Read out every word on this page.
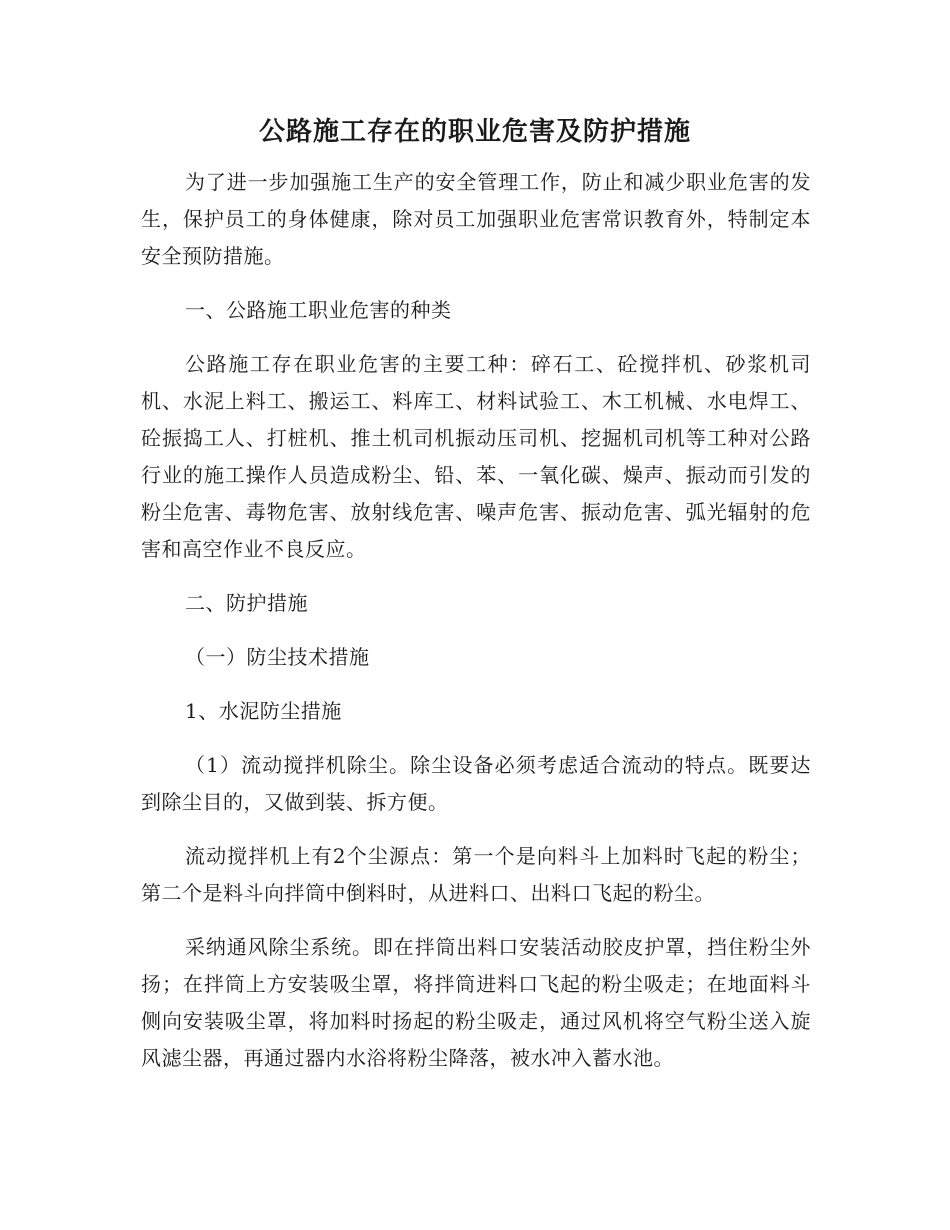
公路施工存在的职业危害及防护措施

为了进一步加强施工生产的安全管理工作，防止和减少职业危害的发生，保护员工的身体健康，除对员工加强职业危害常识教育外，特制定本安全预防措施。

一、公路施工职业危害的种类

公路施工存在职业危害的主要工种：碎石工、砼搅拌机、砂浆机司机、水泥上料工、搬运工、料库工、材料试验工、木工机械、水电焊工、砼振捣工人、打桩机、推土机司机振动压司机、挖掘机司机等工种对公路行业的施工操作人员造成粉尘、铅、苯、一氧化碳、燥声、振动而引发的粉尘危害、毒物危害、放射线危害、噪声危害、振动危害、弧光辐射的危害和高空作业不良反应。

二、防护措施

（一）防尘技术措施

1、水泥防尘措施

（1）流动搅拌机除尘。除尘设备必须考虑适合流动的特点。既要达到除尘目的，又做到装、拆方便。

流动搅拌机上有2个尘源点：第一个是向料斗上加料时飞起的粉尘；第二个是料斗向拌筒中倒料时，从进料口、出料口飞起的粉尘。

采纳通风除尘系统。即在拌筒出料口安装活动胶皮护罩，挡住粉尘外扬；在拌筒上方安装吸尘罩，将拌筒进料口飞起的粉尘吸走；在地面料斗侧向安装吸尘罩，将加料时扬起的粉尘吸走，通过风机将空气粉尘送入旋风滤尘器，再通过器内水浴将粉尘降落，被水冲入蓄水池。
